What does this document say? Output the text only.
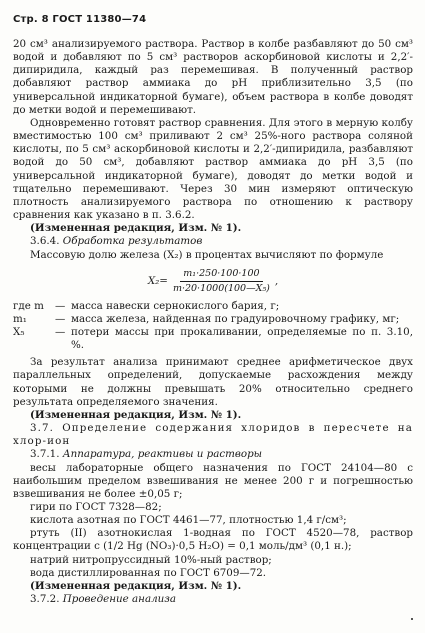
Стр. 8 ГОСТ 11380—74

20 см³ анализируемого раствора. Раствор в колбе разбавляют до 50 см³ водой и добавляют по 5 см³ растворов аскорбиновой кислоты и 2,2′-дипиридила, каждый раз перемешивая. В полученный раствор добавляют раствор аммиака до pH приблизительно 3,5 (по универсальной индикаторной бумаге), объем раствора в колбе доводят до метки водой и перемешивают.

Одновременно готовят раствор сравнения. Для этого в мерную колбу вместимостью 100 см³ приливают 2 см³ 25%-ного раствора соляной кислоты, по 5 см³ аскорбиновой кислоты и 2,2′-дипиридила, разбавляют водой до 50 см³, добавляют раствор аммиака до pH 3,5 (по универсальной индикаторной бумаге), доводят до метки водой и тщательно перемешивают. Через 30 мин измеряют оптическую плотность анализируемого раствора по отношению к раствору сравнения как указано в п. 3.6.2.

(Измененная редакция, Изм. № 1).

3.6.4. Обработка результатов

Массовую долю железа (X₂) в процентах вычисляют по формуле

$X_2= \frac{\text{m₁·250·100·100}}{\text{m·20·1000(100—X₅)}}$ ,
где m	— масса навески сернокислого бария, г;
m₁	— масса железа, найденная по градуировочному графику, мг;
X₅	— потери массы при прокаливании, определяемые по п. 3.10, %.

За результат анализа принимают среднее арифметическое двух параллельных определений, допускаемые расхождения между которыми не должны превышать 20% относительно среднего результата определяемого значения.

(Измененная редакция, Изм. № 1).

3.7. Определение содержания хлоридов в пересчете на хлор-ион

3.7.1. Аппаратура, реактивы и растворы

весы лабораторные общего назначения по ГОСТ 24104—80 с наибольшим пределом взвешивания не менее 200 г и погрешностью взвешивания не более ±0,05 г;

гири по ГОСТ 7328—82;

кислота азотная по ГОСТ 4461—77, плотностью 1,4 г/см³;

ртуть (II) азотнокислая 1-водная по ГОСТ 4520—78, раствор концентрации c (1/2 Hg (NO₃)·0,5 H₂O) = 0,1 моль/дм³ (0,1 н.);

натрий нитропруссидный 10%-ный раствор;

вода дистиллированная по ГОСТ 6709—72.

(Измененная редакция, Изм. № 1).

3.7.2. Проведение анализа
